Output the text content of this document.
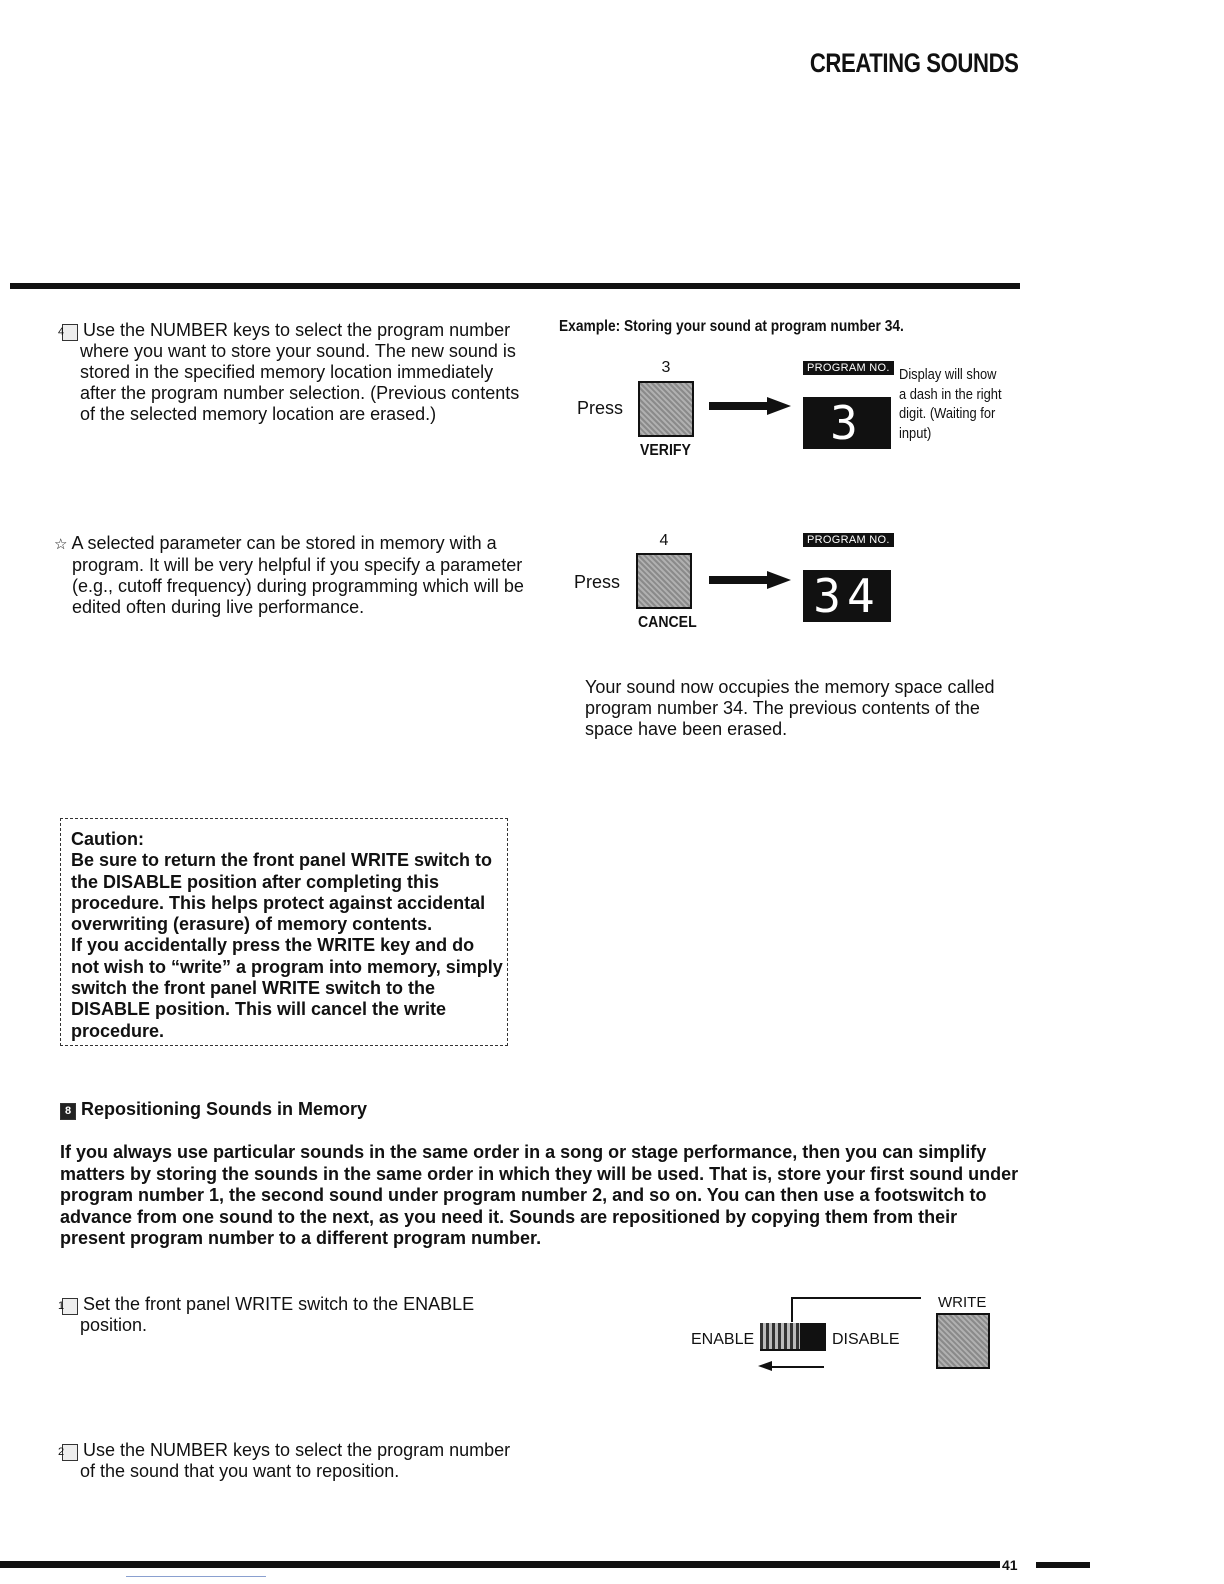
CREATING SOUNDS
4 Use the NUMBER keys to select the program number where you want to store your sound. The new sound is stored in the specified memory location immediately after the program number selection. (Previous contents of the selected memory location are erased.)
☆ A selected parameter can be stored in memory with a program. It will be very helpful if you specify a parameter (e.g., cutoff frequency) during programming which will be edited often during live performance.
Example: Storing your sound at program number 34.
Press
3
VERIFY
PROGRAM NO.
3 -
Display will show a dash in the right digit. (Waiting for input)
Press
4
CANCEL
PROGRAM NO.
34
Your sound now occupies the memory space called program number 34. The previous contents of the space have been erased.
Caution:
Be sure to return the front panel WRITE switch to the DISABLE position after completing this procedure. This helps protect against accidental overwriting (erasure) of memory contents.
If you accidentally press the WRITE key and do not wish to “write” a program into memory, simply switch the front panel WRITE switch to the DISABLE position. This will cancel the write procedure.
8 Repositioning Sounds in Memory
If you always use particular sounds in the same order in a song or stage performance, then you can simplify matters by storing the sounds in the same order in which they will be used. That is, store your first sound under program number 1, the second sound under program number 2, and so on. You can then use a footswitch to advance from one sound to the next, as you need it. Sounds are repositioned by copying them from their present program number to a different program number.
1 Set the front panel WRITE switch to the ENABLE position.
ENABLE	DISABLE
WRITE
2 Use the NUMBER keys to select the program number of the sound that you want to reposition.
41
